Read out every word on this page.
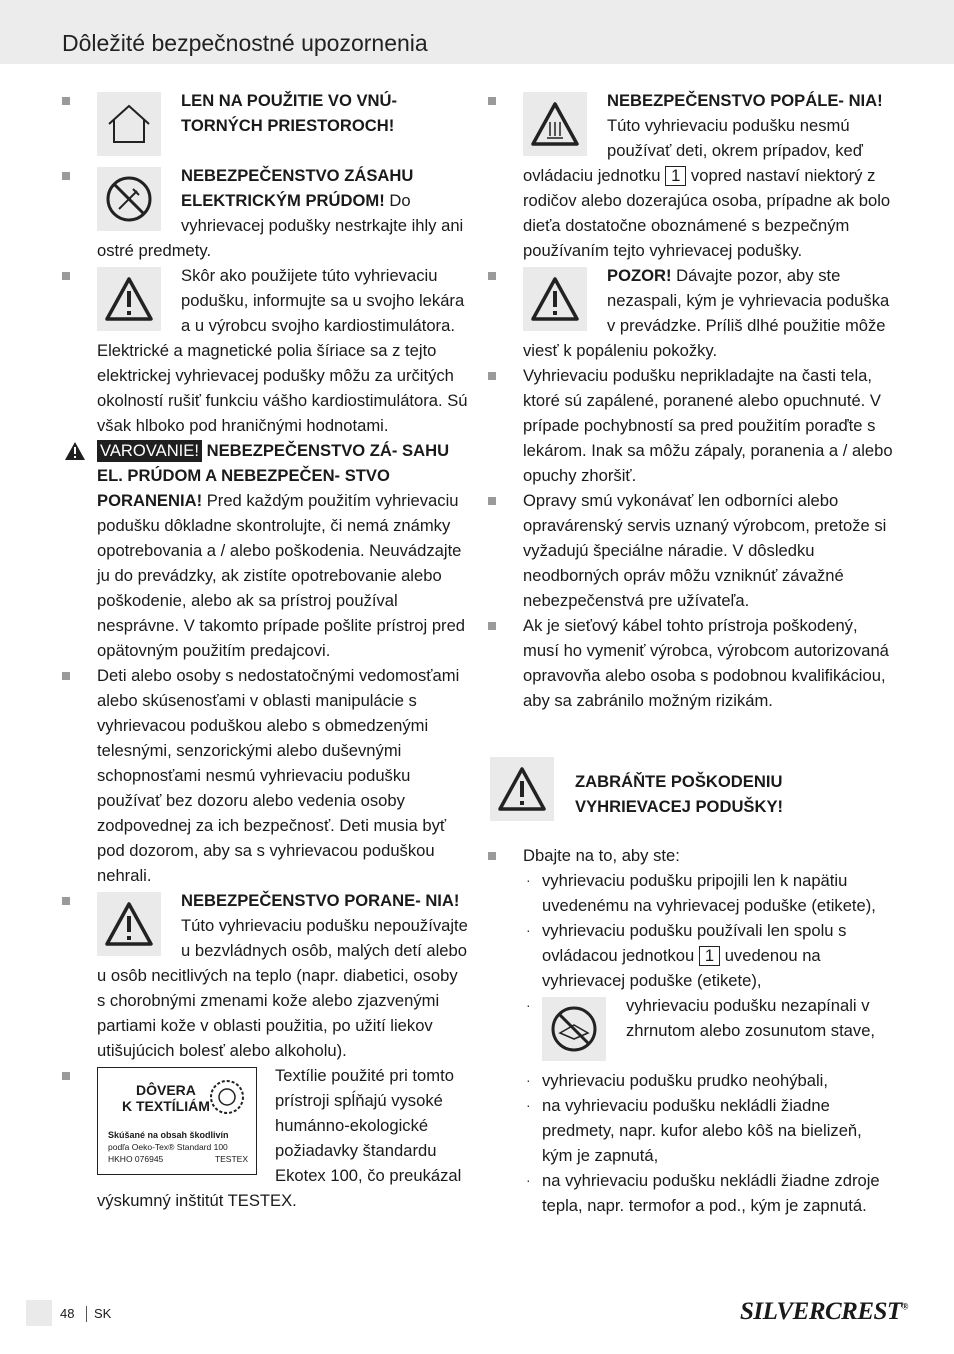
Dôležité bezpečnostné upozornenia

LEN NA POUŽITIE VO VNÚ- TORNÝCH PRIESTOROCH!

NEBEZPEČENSTVO ZÁSAHU ELEKTRICKÝM PRÚDOM! Do vyhrievacej podušky nestrkajte ihly ani ostré predmety.

Skôr ako použijete túto vyhrievaciu podušku, informujte sa u svojho lekára a u výrobcu svojho kardiostimulátora. Elektrické a magnetické polia šíriace sa z tejto elektrickej vyhrievacej podušky môžu za určitých okolností rušiť funkciu vášho kardiostimulátora. Sú však hlboko pod hraničnými hodnotami.

VAROVANIE! NEBEZPEČENSTVO ZÁ- SAHU EL. PRÚDOM A NEBEZPEČEN- STVO PORANENIA! Pred každým použitím vyhrievaciu podušku dôkladne skontrolujte, či nemá známky opotrebovania a / alebo poškodenia. Neuvádzajte ju do prevádzky, ak zistíte opotrebovanie alebo poškodenie, alebo ak sa prístroj používal nesprávne. V takomto prípade pošlite prístroj pred opätovným použitím predajcovi.

Deti alebo osoby s nedostatočnými vedomosťami alebo skúsenosťami v oblasti manipulácie s vyhrievacou poduškou alebo s obmedzenými telesnými, senzorickými alebo duševnými schopnosťami nesmú vyhrievaciu podušku používať bez dozoru alebo vedenia osoby zodpovednej za ich bezpečnosť. Deti musia byť pod dozorom, aby sa s vyhrievacou poduškou nehrali.

NEBEZPEČENSTVO PORANE- NIA! Túto vyhrievaciu podušku nepoužívajte u bezvládnych osôb, malých detí alebo u osôb necitlivých na teplo (napr. diabetici, osoby s chorobnými zmenami kože alebo zjazvenými partiami kože v oblasti použitia, po užití liekov utišujúcich bolesť alebo alkoholu).

DÔVERA
K TEXTÍLIÁM
Skúšané na obsah škodlivín
podľa Oeko-Tex® Standard 100
HKHO 076945	TESTEX

Textílie použité pri tomto prístroji spĺňajú vysoké humánno-ekologické požiadavky štandardu Ekotex 100, čo preukázal výskumný inštitút TESTEX.

NEBEZPEČENSTVO POPÁLE- NIA! Túto vyhrievaciu podušku nesmú používať deti, okrem prípadov, keď ovládaciu jednotku 1 vopred nastaví niektorý z rodičov alebo dozerajúca osoba, prípadne ak bolo dieťa dostatočne oboznámené s bezpečným používaním tejto vyhrievacej podušky.

POZOR! Dávajte pozor, aby ste nezaspali, kým je vyhrievacia poduška v prevádzke. Príliš dlhé použitie môže viesť k popáleniu pokožky.

Vyhrievaciu podušku neprikladajte na časti tela, ktoré sú zapálené, poranené alebo opuchnuté. V prípade pochybností sa pred použitím poraďte s lekárom. Inak sa môžu zápaly, poranenia a / alebo opuchy zhoršiť.

Opravy smú vykonávať len odborníci alebo opravárenský servis uznaný výrobcom, pretože si vyžadujú špeciálne náradie. V dôsledku neodborných opráv môžu vzniknúť závažné nebezpečenstvá pre užívateľa.

Ak je sieťový kábel tohto prístroja poškodený, musí ho vymeniť výrobca, výrobcom autorizovaná opravovňa alebo osoba s podobnou kvalifikáciou, aby sa zabránilo možným rizikám.

ZABRÁŇTE POŠKODENIU VYHRIEVACEJ PODUŠKY!

Dbajte na to, aby ste:

· vyhrievaciu podušku pripojili len k napätiu uvedenému na vyhrievacej poduške (etikete),

· vyhrievaciu podušku používali len spolu s ovládacou jednotkou 1 uvedenou na vyhrievacej poduške (etikete),

·	vyhrievaciu podušku nezapínali v zhrnutom alebo zosunutom stave,

· vyhrievaciu podušku prudko neohýbali,

· na vyhrievaciu podušku nekládli žiadne predmety, napr. kufor alebo kôš na bielizeň, kým je zapnutá,

· na vyhrievaciu podušku nekládli žiadne zdroje tepla, napr. termofor a pod., kým je zapnutá.

48 SK	SILVERCREST®
